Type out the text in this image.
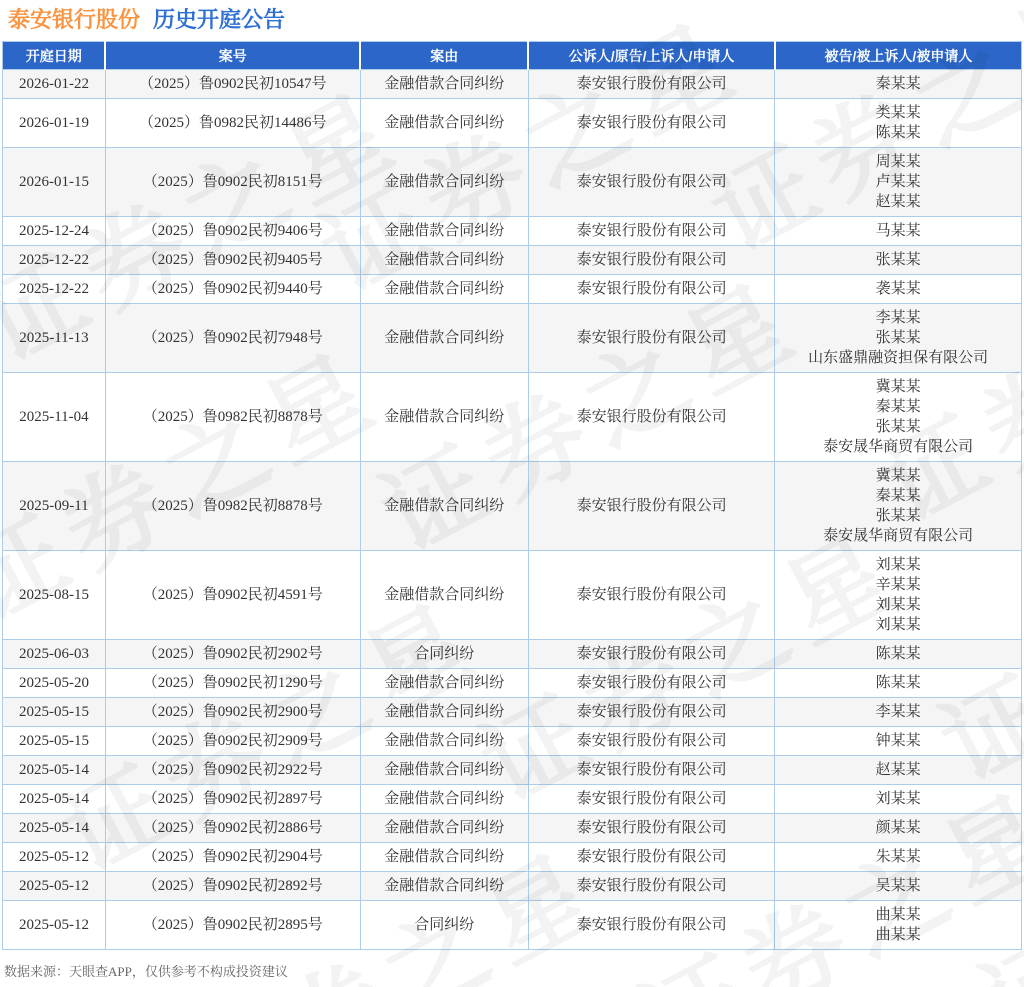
泰安银行股份 历史开庭公告
开庭日期	案号	案由	公诉人/原告/上诉人/申请人	被告/被上诉人/被申请人
2026-01-22	（2025）鲁0902民初10547号	金融借款合同纠纷	泰安银行股份有限公司	秦某某

2026-01-19	（2025）鲁0982民初14486号	金融借款合同纠纷	泰安银行股份有限公司	类某某
陈某某

2026-01-15	（2025）鲁0902民初8151号	金融借款合同纠纷	泰安银行股份有限公司	周某某
卢某某
赵某某

2025-12-24	（2025）鲁0902民初9406号	金融借款合同纠纷	泰安银行股份有限公司	马某某

2025-12-22	（2025）鲁0902民初9405号	金融借款合同纠纷	泰安银行股份有限公司	张某某

2025-12-22	（2025）鲁0902民初9440号	金融借款合同纠纷	泰安银行股份有限公司	袭某某

2025-11-13	（2025）鲁0902民初7948号	金融借款合同纠纷	泰安银行股份有限公司	李某某
张某某
山东盛鼎融资担保有限公司

2025-11-04	（2025）鲁0982民初8878号	金融借款合同纠纷	泰安银行股份有限公司	冀某某
秦某某
张某某
泰安晟华商贸有限公司

2025-09-11	（2025）鲁0982民初8878号	金融借款合同纠纷	泰安银行股份有限公司	冀某某
秦某某
张某某
泰安晟华商贸有限公司

2025-08-15	（2025）鲁0902民初4591号	金融借款合同纠纷	泰安银行股份有限公司	刘某某
辛某某
刘某某
刘某某

2025-06-03	（2025）鲁0902民初2902号	合同纠纷	泰安银行股份有限公司	陈某某

2025-05-20	（2025）鲁0902民初1290号	金融借款合同纠纷	泰安银行股份有限公司	陈某某

2025-05-15	（2025）鲁0902民初2900号	金融借款合同纠纷	泰安银行股份有限公司	李某某

2025-05-15	（2025）鲁0902民初2909号	金融借款合同纠纷	泰安银行股份有限公司	钟某某

2025-05-14	（2025）鲁0902民初2922号	金融借款合同纠纷	泰安银行股份有限公司	赵某某

2025-05-14	（2025）鲁0902民初2897号	金融借款合同纠纷	泰安银行股份有限公司	刘某某

2025-05-14	（2025）鲁0902民初2886号	金融借款合同纠纷	泰安银行股份有限公司	颜某某

2025-05-12	（2025）鲁0902民初2904号	金融借款合同纠纷	泰安银行股份有限公司	朱某某

2025-05-12	（2025）鲁0902民初2892号	金融借款合同纠纷	泰安银行股份有限公司	吴某某

2025-05-12	（2025）鲁0902民初2895号	合同纠纷	泰安银行股份有限公司	曲某某
曲某某
数据来源：天眼查APP，仅供参考不构成投资建议
